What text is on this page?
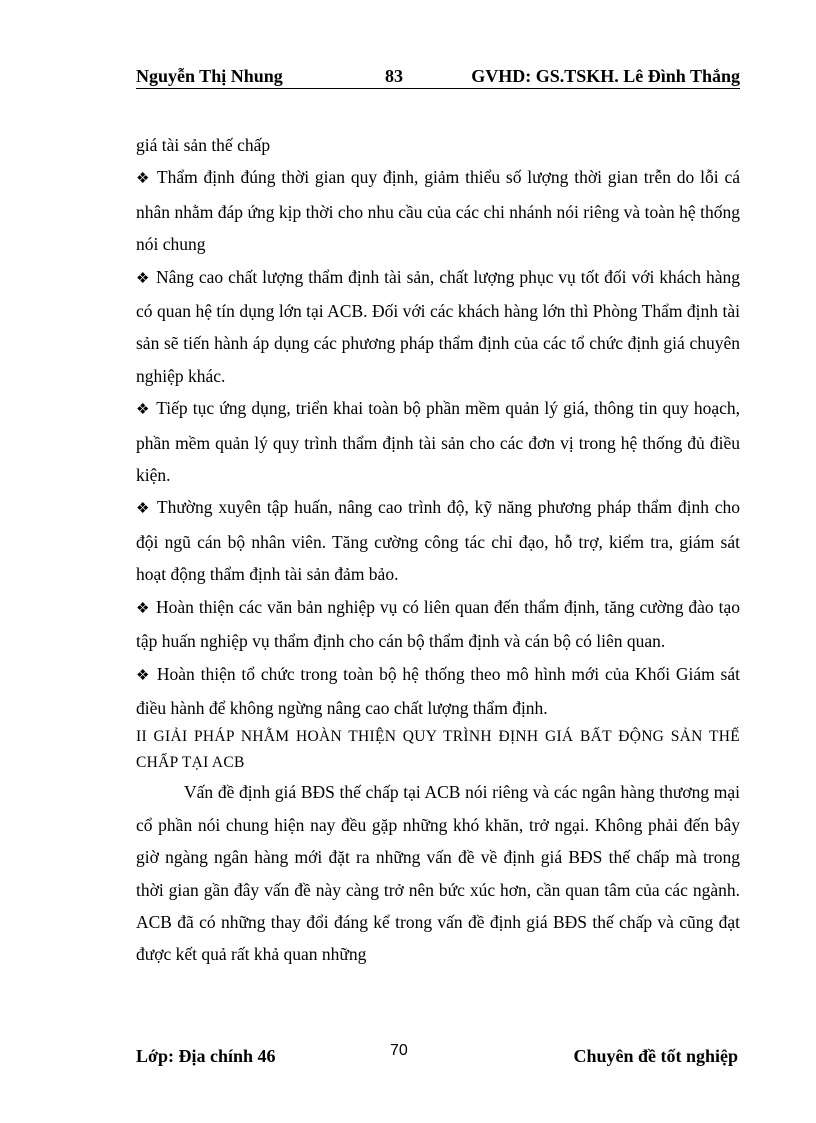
Nguyễn Thị Nhung	83	GVHD: GS.TSKH. Lê Đình Thắng

giá tài sản thế chấp

❖ Thẩm định đúng thời gian quy định, giảm thiểu số lượng thời gian trễn do lỗi cá nhân nhằm đáp ứng kịp thời cho nhu cầu của các chi nhánh nói riêng và toàn hệ thống nói chung

❖ Nâng cao chất lượng thẩm định tài sản, chất lượng phục vụ tốt đối với khách hàng có quan hệ tín dụng lớn tại ACB. Đối với các khách hàng lớn thì Phòng Thẩm định tài sản sẽ tiến hành áp dụng các phương pháp thẩm định của các tổ chức định giá chuyên nghiệp khác.

❖ Tiếp tục ứng dụng, triển khai toàn bộ phần mềm quản lý giá, thông tin quy hoạch, phần mềm quản lý quy trình thẩm định tài sản cho các đơn vị trong hệ thống đủ điều kiện.

❖ Thường xuyên tập huấn, nâng cao trình độ, kỹ năng phương pháp thẩm định cho đội ngũ cán bộ nhân viên. Tăng cường công tác chỉ đạo, hỗ trợ, kiểm tra, giám sát hoạt động thẩm định tài sản đảm bảo.

❖ Hoàn thiện các văn bản nghiệp vụ có liên quan đến thẩm định, tăng cường đào tạo tập huấn nghiệp vụ thẩm định cho cán bộ thẩm định và cán bộ có liên quan.

❖ Hoàn thiện tổ chức trong toàn bộ hệ thống theo mô hình mới của Khối Giám sát điều hành để không ngừng nâng cao chất lượng thẩm định.

II GIẢI PHÁP NHẰM HOÀN THIỆN QUY TRÌNH ĐỊNH GIÁ BẤT ĐỘNG SẢN THẾ CHẤP TẠI ACB

Vấn đề định giá BĐS thế chấp tại ACB nói riêng và các ngân hàng thương mại cổ phần nói chung hiện nay đều gặp những khó khăn, trở ngại. Không phải đến bây giờ ngàng ngân hàng mới đặt ra những vấn đề về định giá BĐS thế chấp mà trong thời gian gần đây vấn đề này càng trở nên bức xúc hơn, cần quan tâm của các ngành. ACB đã có những thay đổi đáng kể trong vấn đề định giá BĐS thế chấp và cũng đạt được kết quả rất khả quan những

Lớp: Địa chính 46	70	Chuyên đề tốt nghiệp
